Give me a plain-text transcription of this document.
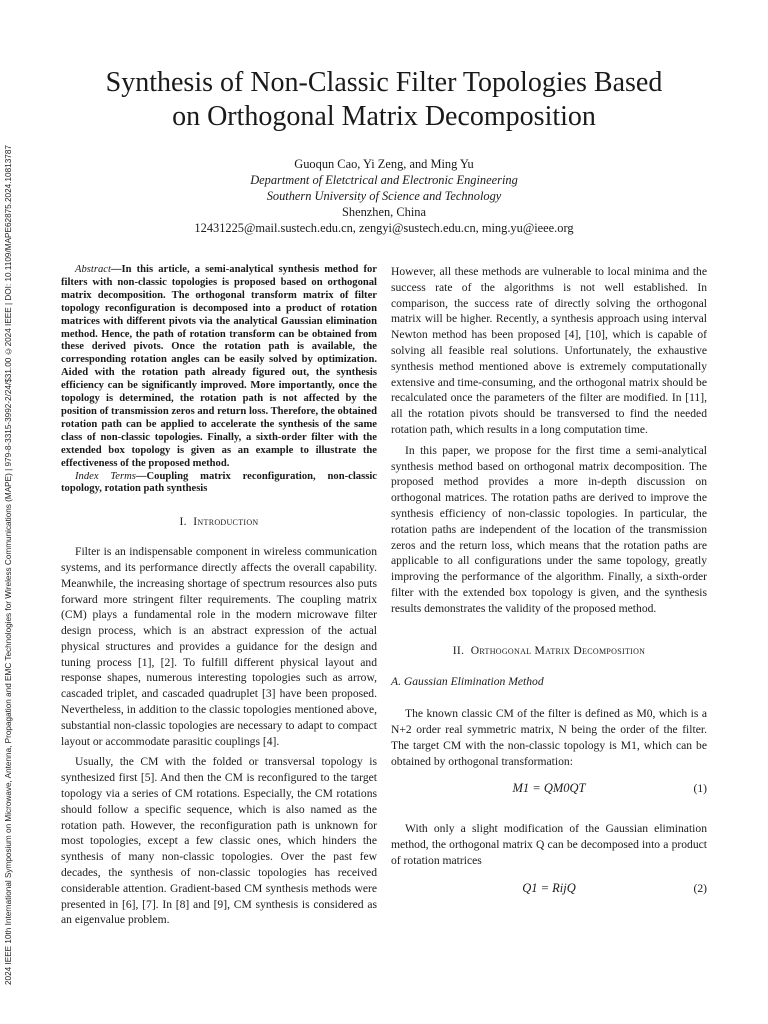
2024 IEEE 10th International Symposium on Microwave, Antenna, Propagation and EMC Technologies for Wireless Communications (MAPE) | 979-8-3315-3992-2/24/$31.00 ©2024 IEEE | DOI: 10.1109/MAPE62875.2024.10813787
Synthesis of Non-Classic Filter Topologies Based
on Orthogonal Matrix Decomposition
Guoqun Cao, Yi Zeng, and Ming Yu
Department of Eletctrical and Electronic Engineering
Southern University of Science and Technology
Shenzhen, China
12431225@mail.sustech.edu.cn, zengyi@sustech.edu.cn, ming.yu@ieee.org

Abstract—In this article, a semi-analytical synthesis method for filters with non-classic topologies is proposed based on orthogonal matrix decomposition. The orthogonal transform matrix of filter topology reconfiguration is decomposed into a product of rotation matrices with different pivots via the analytical Gaussian elimination method. Hence, the path of rotation transform can be obtained from these derived pivots. Once the rotation path is available, the corresponding rotation angles can be easily solved by optimization. Aided with the rotation path already figured out, the synthesis efficiency can be significantly improved. More importantly, once the topology is determined, the rotation path is not affected by the position of transmission zeros and return loss. Therefore, the obtained rotation path can be applied to accelerate the synthesis of the same class of non-classic topologies. Finally, a sixth-order filter with the extended box topology is given as an example to illustrate the effectiveness of the proposed method.

Index Terms—Coupling matrix reconfiguration, non-classic topology, rotation path synthesis

I. Introduction

Filter is an indispensable component in wireless communication systems, and its performance directly affects the overall capability. Meanwhile, the increasing shortage of spectrum resources also puts forward more stringent filter requirements. The coupling matrix (CM) plays a fundamental role in the modern microwave filter design process, which is an abstract expression of the actual physical structures and provides a guidance for the design and tuning process [1], [2]. To fulfill different physical layout and response shapes, numerous interesting topologies such as arrow, cascaded triplet, and cascaded quadruplet [3] have been proposed. Nevertheless, in addition to the classic topologies mentioned above, substantial non-classic topologies are necessary to adapt to compact layout or accommodate parasitic couplings [4].

Usually, the CM with the folded or transversal topology is synthesized first [5]. And then the CM is reconfigured to the target topology via a series of CM rotations. Especially, the CM rotations should follow a specific sequence, which is also named as the rotation path. However, the reconfiguration path is unknown for most topologies, except a few classic ones, which hinders the synthesis of many non-classic topologies. Over the past few decades, the synthesis of non-classic topologies has received considerable attention. Gradient-based CM synthesis methods were presented in [6], [7]. In [8] and [9], CM synthesis is considered as an eigenvalue problem.

However, all these methods are vulnerable to local minima and the success rate of the algorithms is not well established. In comparison, the success rate of directly solving the orthogonal matrix will be higher. Recently, a synthesis approach using interval Newton method has been proposed [4], [10], which is capable of solving all feasible real solutions. Unfortunately, the exhaustive synthesis method mentioned above is extremely computationally extensive and time-consuming, and the orthogonal matrix should be recalculated once the parameters of the filter are modified. In [11], all the rotation pivots should be transversed to find the needed rotation path, which results in a long computation time.

In this paper, we propose for the first time a semi-analytical synthesis method based on orthogonal matrix decomposition. The proposed method provides a more in-depth discussion on orthogonal matrices. The rotation paths are derived to improve the synthesis efficiency of non-classic topologies. In particular, the rotation paths are independent of the location of the transmission zeros and the return loss, which means that the rotation paths are applicable to all configurations under the same topology, greatly improving the performance of the algorithm. Finally, a sixth-order filter with the extended box topology is given, and the synthesis results demonstrates the validity of the proposed method.

II. Orthogonal Matrix Decomposition
A. Gaussian Elimination Method

The known classic CM of the filter is defined as M0, which is a N+2 order real symmetric matrix, N being the order of the filter. The target CM with the non-classic topology is M1, which can be obtained by orthogonal transformation:

M1 = QM0QT	(1)

With only a slight modification of the Gaussian elimination method, the orthogonal matrix Q can be decomposed into a product of rotation matrices

Q1 = RijQ	(2)
